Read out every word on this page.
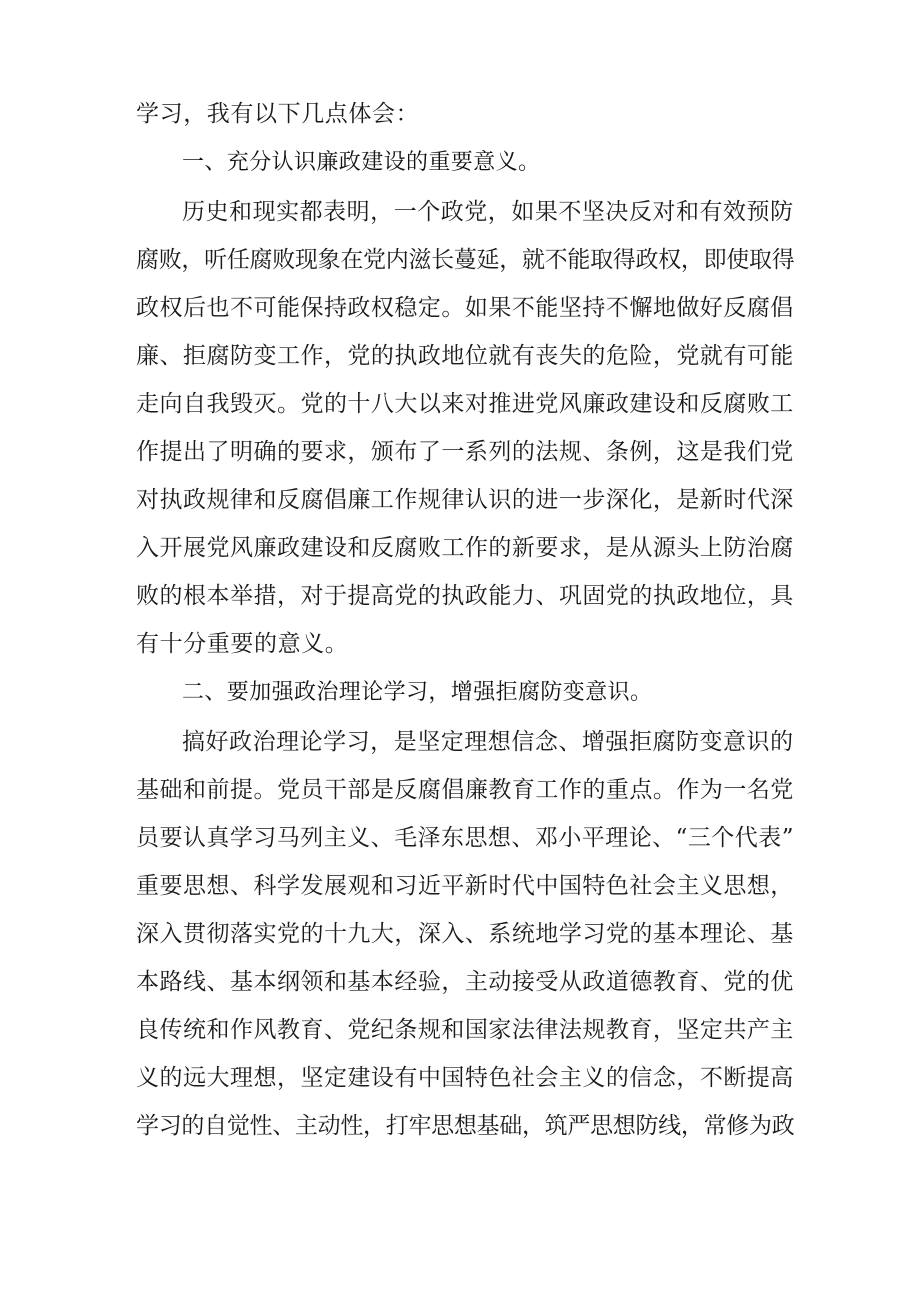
学习，我有以下几点体会：
一、充分认识廉政建设的重要意义。
历史和现实都表明，一个政党，如果不坚决反对和有效预防
腐败，听任腐败现象在党内滋长蔓延，就不能取得政权，即使取得
政权后也不可能保持政权稳定。如果不能坚持不懈地做好反腐倡
廉、拒腐防变工作，党的执政地位就有丧失的危险，党就有可能
走向自我毁灭。党的十八大以来对推进党风廉政建设和反腐败工
作提出了明确的要求，颁布了一系列的法规、条例，这是我们党
对执政规律和反腐倡廉工作规律认识的进一步深化，是新时代深
入开展党风廉政建设和反腐败工作的新要求，是从源头上防治腐
败的根本举措，对于提高党的执政能力、巩固党的执政地位，具
有十分重要的意义。
二、要加强政治理论学习，增强拒腐防变意识。
搞好政治理论学习，是坚定理想信念、增强拒腐防变意识的
基础和前提。党员干部是反腐倡廉教育工作的重点。作为一名党
员要认真学习马列主义、毛泽东思想、邓小平理论、“三个代表”
重要思想、科学发展观和习近平新时代中国特色社会主义思想，
深入贯彻落实党的十九大，深入、系统地学习党的基本理论、基
本路线、基本纲领和基本经验，主动接受从政道德教育、党的优
良传统和作风教育、党纪条规和国家法律法规教育，坚定共产主
义的远大理想，坚定建设有中国特色社会主义的信念，不断提高
学习的自觉性、主动性，打牢思想基础，筑严思想防线，常修为政
